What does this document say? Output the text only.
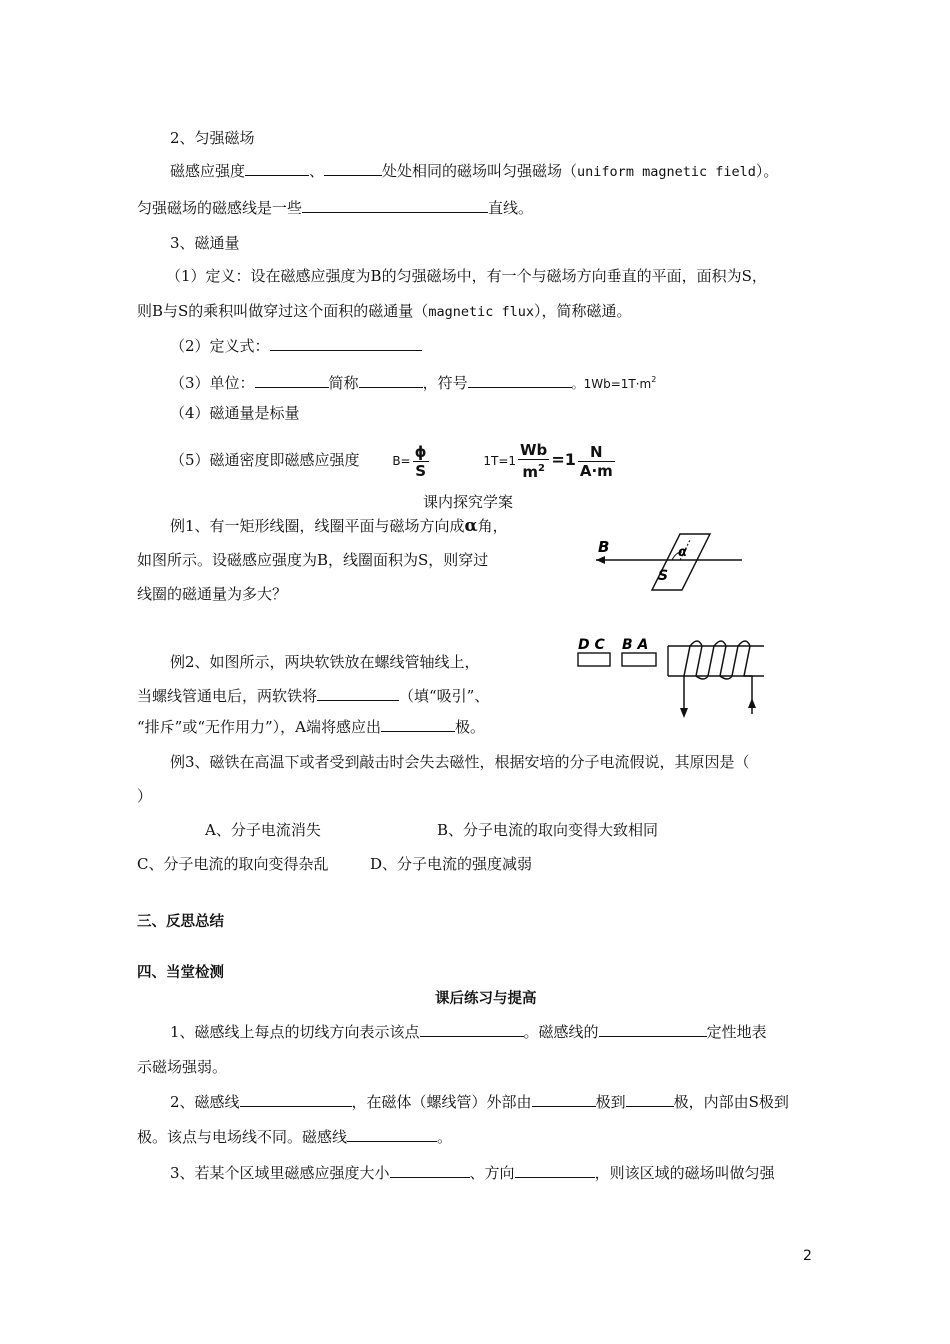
2、匀强磁场
磁感应强度	、	处处相同的磁场叫匀强磁场（uniform magnetic field）。
匀强磁场的磁感线是一些	直线。
3、磁通量
（1）定义：设在磁感应强度为B的匀强磁场中，有一个与磁场方向垂直的平面，面积为S，
则B与S的乘积叫做穿过这个面积的磁通量（magnetic flux），简称磁通。
（2）定义式：
（3）单位：	简称	，符号	。$1Wb=1T\cdot m^2$
（4）磁通量是标量
（5）磁通密度即磁感应强度	$B= \frac{\phi}{S}$	$1T=1 \frac{Wb}{m^2} =1 \frac{N}{A\cdot m}$
课内探究学案
例1、有一矩形线圈，线圈平面与磁场方向成α角，
如图所示。设磁感应强度为B，线圈面积为S，则穿过
线圈的磁通量为多大？
B
S
α
例2、如图所示，两块软铁放在螺线管轴线上，
当螺线管通电后，两软铁将	（填“吸引”、
“排斥”或“无作用力”），A端将感应出	极。
D C B A
例3、磁铁在高温下或者受到敲击时会失去磁性，根据安培的分子电流假说，其原因是（
）
A、分子电流消失	B、分子电流的取向变得大致相同
C、分子电流的取向变得杂乱	D、分子电流的强度减弱
三、反思总结
四、当堂检测
课后练习与提高
1、磁感线上每点的切线方向表示该点	。磁感线的	定性地表
示磁场强弱。
2、磁感线	，在磁体（螺线管）外部由	极到	极，内部由S极到
极。该点与电场线不同。磁感线	。
3、若某个区域里磁感应强度大小	、方向	，则该区域的磁场叫做匀强
2
